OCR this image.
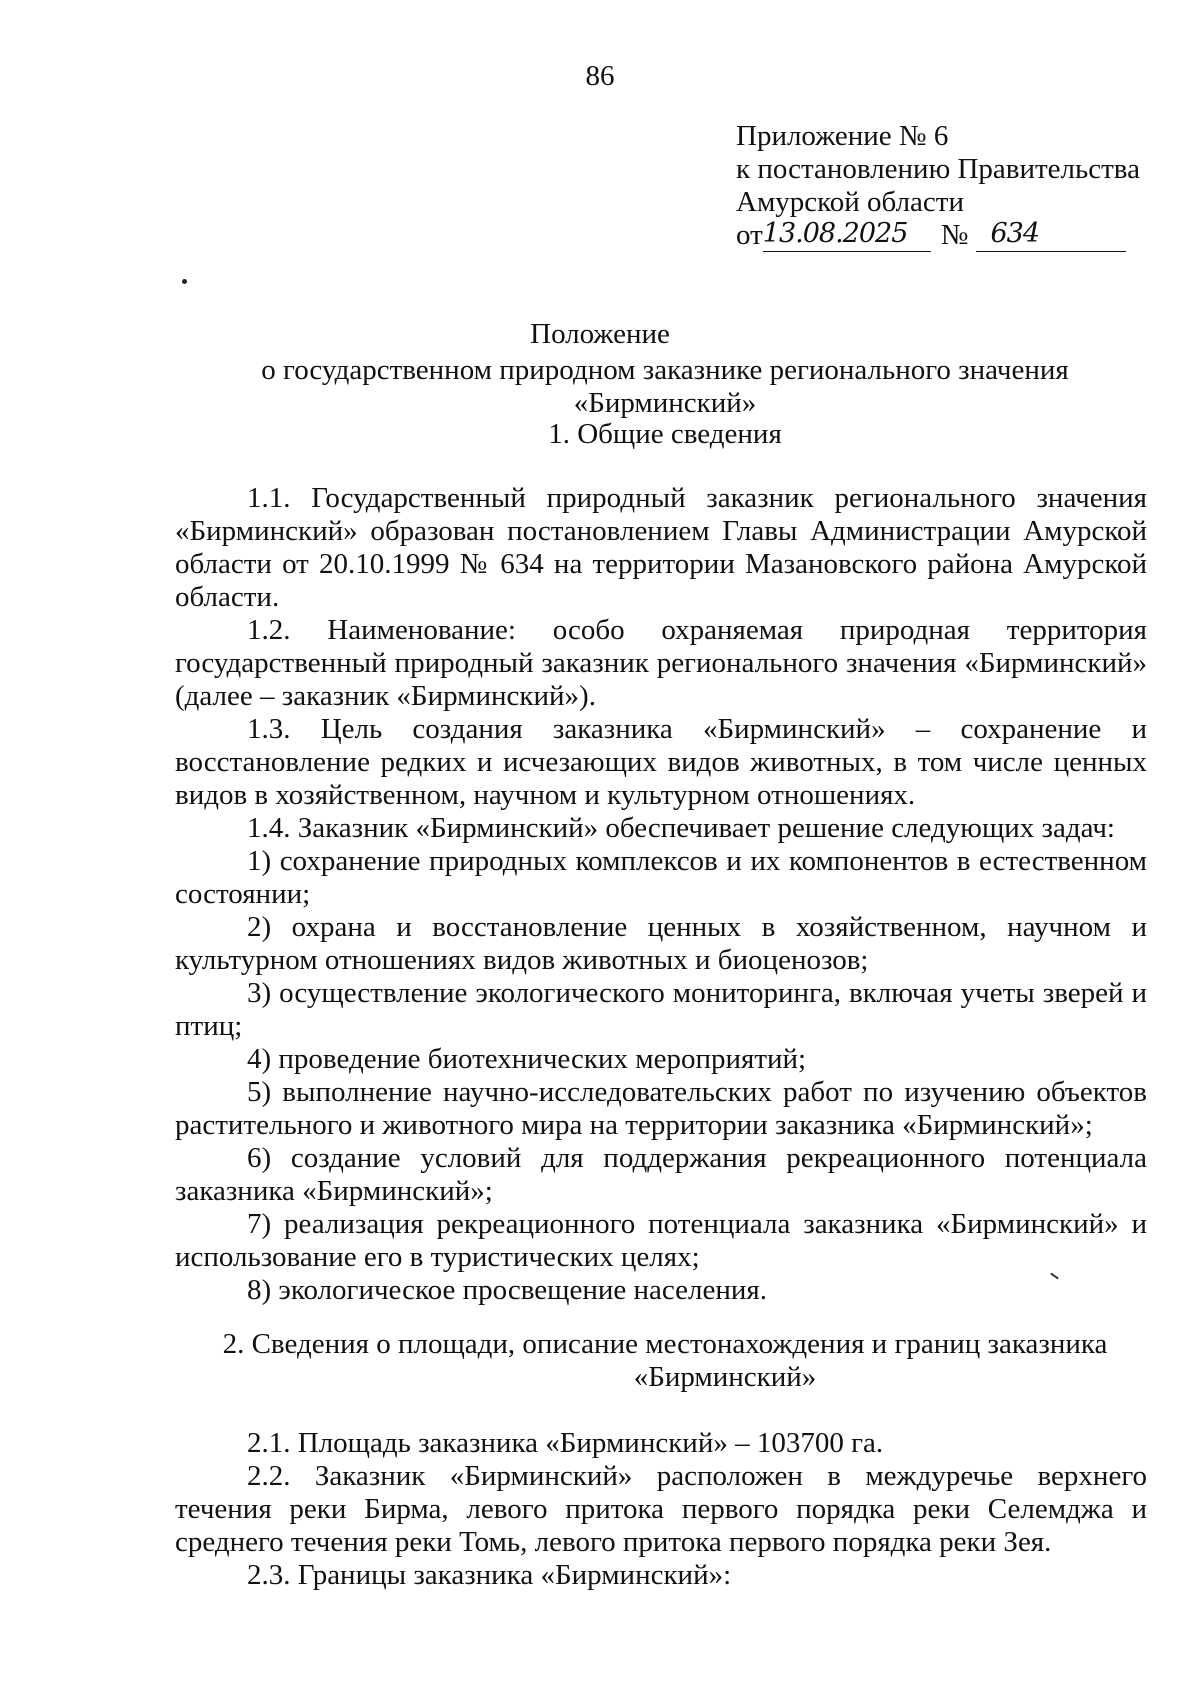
86
Приложение № 6
к постановлению Правительства
Амурской области
от 13.08.2025	№ 634
Положение
о государственном природном заказнике регионального значения «Бирминский»
1. Общие сведения

1.1. Государственный природный заказник регионального значения «Бирминский» образован постановлением Главы Администрации Амурской области от 20.10.1999 № 634 на территории Мазановского района Амурской области.

1.2. Наименование: особо охраняемая природная территория государственный природный заказник регионального значения «Бирминский» (далее – заказник «Бирминский»).

1.3. Цель создания заказника «Бирминский» – сохранение и восстановление редких и исчезающих видов животных, в том числе ценных видов в хозяйственном, научном и культурном отношениях.

1.4. Заказник «Бирминский» обеспечивает решение следующих задач:

1) сохранение природных комплексов и их компонентов в естественном состоянии;

2) охрана и восстановление ценных в хозяйственном, научном и культурном отношениях видов животных и биоценозов;

3) осуществление экологического мониторинга, включая учеты зверей и птиц;

4) проведение биотехнических мероприятий;

5) выполнение научно-исследовательских работ по изучению объектов растительного и животного мира на территории заказника «Бирминский»;

6) создание условий для поддержания рекреационного потенциала заказника «Бирминский»;

7) реализация рекреационного потенциала заказника «Бирминский» и использование его в туристических целях;

8) экологическое просвещение населения.

2. Сведения о площади, описание местонахождения и границ заказника
«Бирминский»

2.1. Площадь заказника «Бирминский» – 103700 га.

2.2. Заказник «Бирминский» расположен в междуречье верхнего течения реки Бирма, левого притока первого порядка реки Селемджа и среднего течения реки Томь, левого притока первого порядка реки Зея.

2.3. Границы заказника «Бирминский»:
